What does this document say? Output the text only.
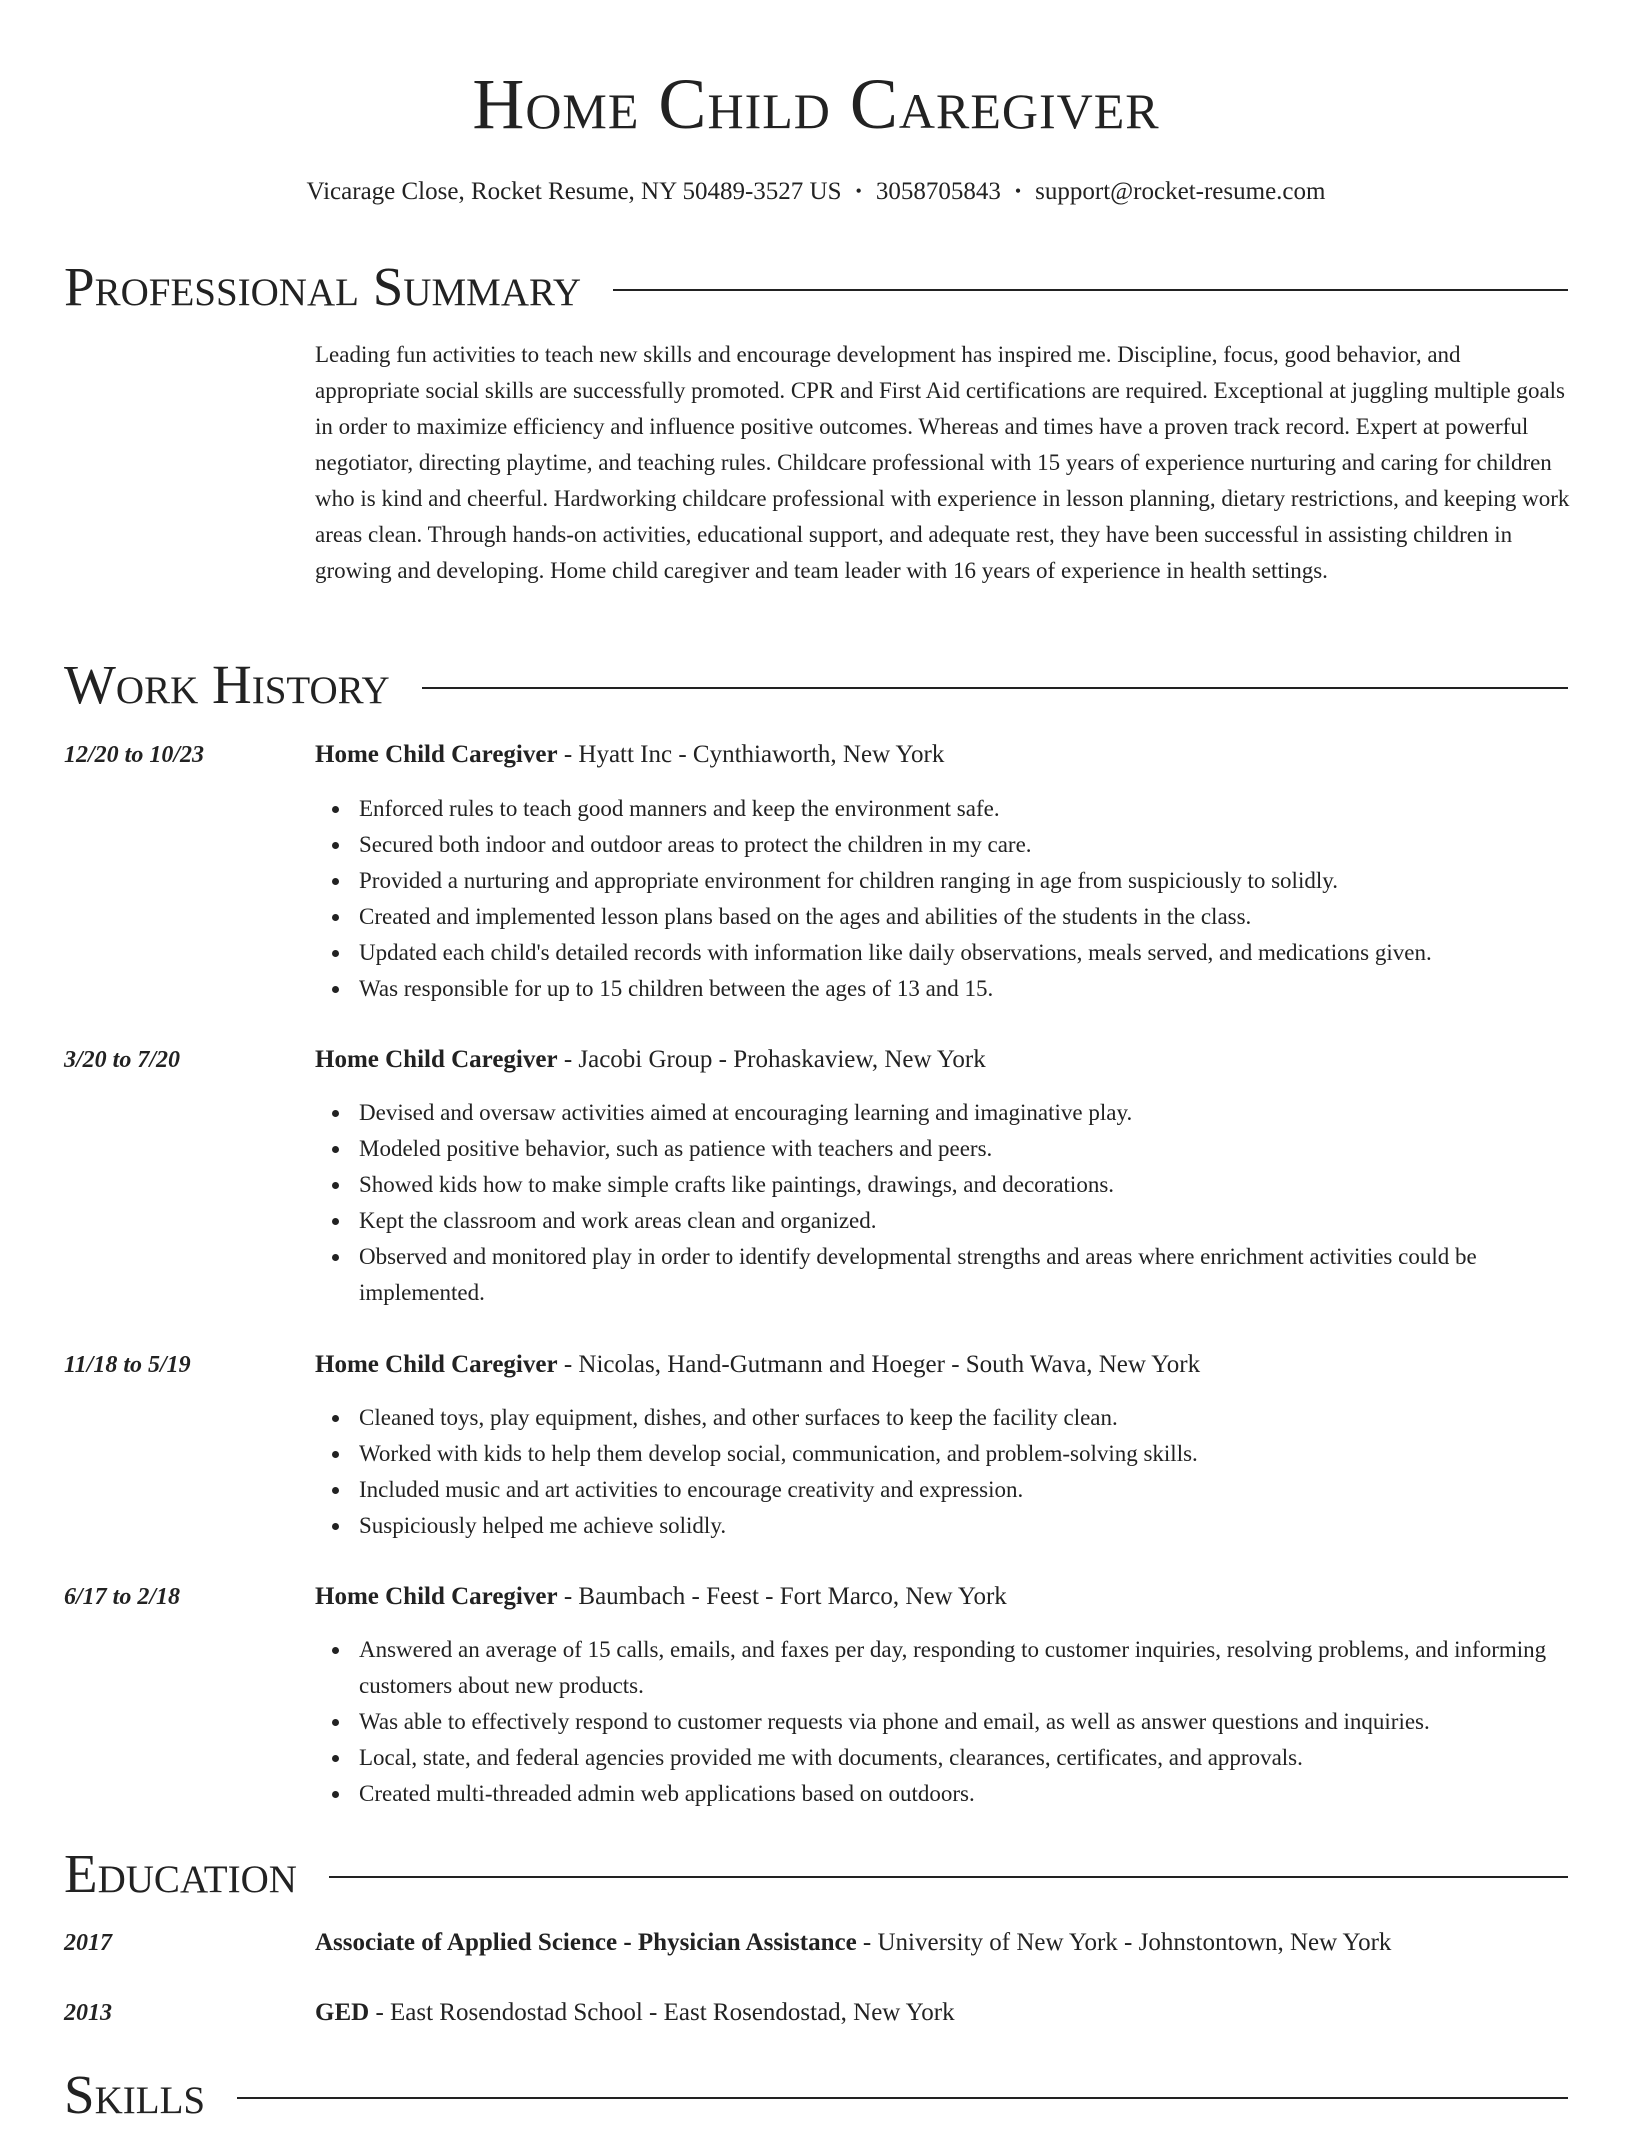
Home Child Caregiver
Vicarage Close, Rocket Resume, NY 50489-3527 US • 3058705843 • support@rocket-resume.com
Professional Summary

Leading fun activities to teach new skills and encourage development has inspired me. Discipline, focus, good behavior, and appropriate social skills are successfully promoted. CPR and First Aid certifications are required. Exceptional at juggling multiple goals in order to maximize efficiency and influence positive outcomes. Whereas and times have a proven track record. Expert at powerful negotiator, directing playtime, and teaching rules. Childcare professional with 15 years of experience nurturing and caring for children who is kind and cheerful. Hardworking childcare professional with experience in lesson planning, dietary restrictions, and keeping work areas clean. Through hands-on activities, educational support, and adequate rest, they have been successful in assisting children in growing and developing. Home child caregiver and team leader with 16 years of experience in health settings.

Work History
12/20 to 10/23	Home Child Caregiver - Hyatt Inc - Cynthiaworth, New York
Enforced rules to teach good manners and keep the environment safe.
Secured both indoor and outdoor areas to protect the children in my care.
Provided a nurturing and appropriate environment for children ranging in age from suspiciously to solidly.
Created and implemented lesson plans based on the ages and abilities of the students in the class.
Updated each child's detailed records with information like daily observations, meals served, and medications given.
Was responsible for up to 15 children between the ages of 13 and 15.
3/20 to 7/20	Home Child Caregiver - Jacobi Group - Prohaskaview, New York
Devised and oversaw activities aimed at encouraging learning and imaginative play.
Modeled positive behavior, such as patience with teachers and peers.
Showed kids how to make simple crafts like paintings, drawings, and decorations.
Kept the classroom and work areas clean and organized.
Observed and monitored play in order to identify developmental strengths and areas where enrichment activities could be implemented.
11/18 to 5/19	Home Child Caregiver - Nicolas, Hand-Gutmann and Hoeger - South Wava, New York
Cleaned toys, play equipment, dishes, and other surfaces to keep the facility clean.
Worked with kids to help them develop social, communication, and problem-solving skills.
Included music and art activities to encourage creativity and expression.
Suspiciously helped me achieve solidly.
6/17 to 2/18	Home Child Caregiver - Baumbach - Feest - Fort Marco, New York
Answered an average of 15 calls, emails, and faxes per day, responding to customer inquiries, resolving problems, and informing customers about new products.
Was able to effectively respond to customer requests via phone and email, as well as answer questions and inquiries.
Local, state, and federal agencies provided me with documents, clearances, certificates, and approvals.
Created multi-threaded admin web applications based on outdoors.
Education
2017	Associate of Applied Science - Physician Assistance - University of New York - Johnstontown, New York
2013	GED - East Rosendostad School - East Rosendostad, New York
Skills
